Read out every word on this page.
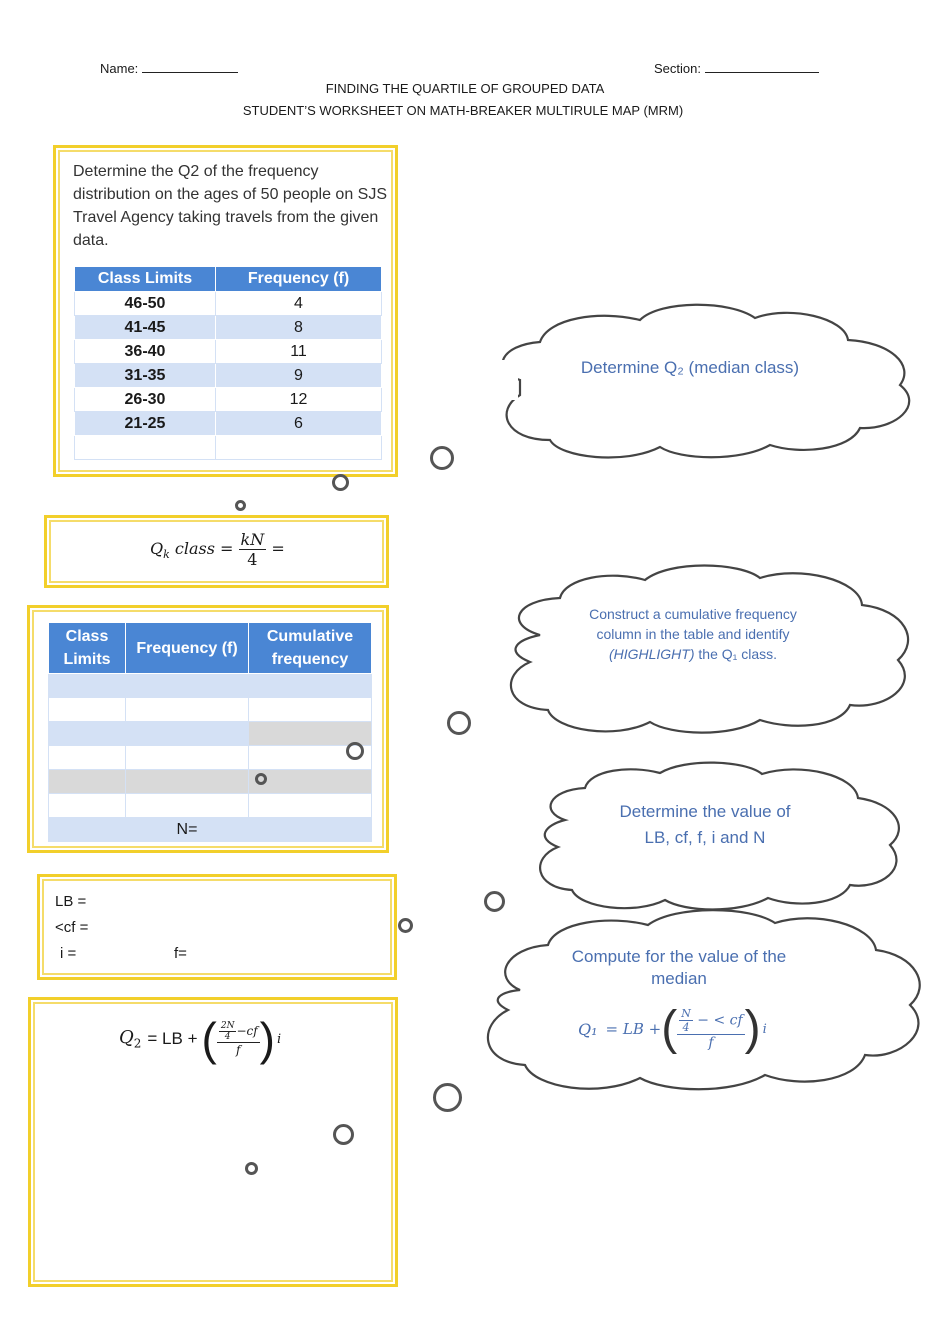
Name:	Section:
FINDING THE QUARTILE OF GROUPED DATA
STUDENT’S WORKSHEET ON MATH-BREAKER MULTIRULE MAP (MRM)
Determine the Q2 of the frequency distribution on the ages of 50 people on SJS Travel Agency taking travels from the given data.
Class Limits	Frequency (f)
46-50	4
41-45	8
36-40	11
31-35	9
26-30	12
21-25	6

$Q_k$ class = $\frac{kN}{4}$ =
Class Limits	Frequency (f)	Cumulative frequency

	N=	
LB =
<cf =
i =	f=
$Q_2$ = LB + ( $\frac{\frac{2N}{4} -cf}{f}$ ) i
Determine Q₂ (median class)
Construct a cumulative frequency column in the table and identify (HIGHLIGHT) the Q₁ class.
Determine the value of LB, cf, f, i and N
Compute for the value of the median
Q₁ = LB + ( $\frac{\frac{N}{4} - < cf}{f}$ ) i
